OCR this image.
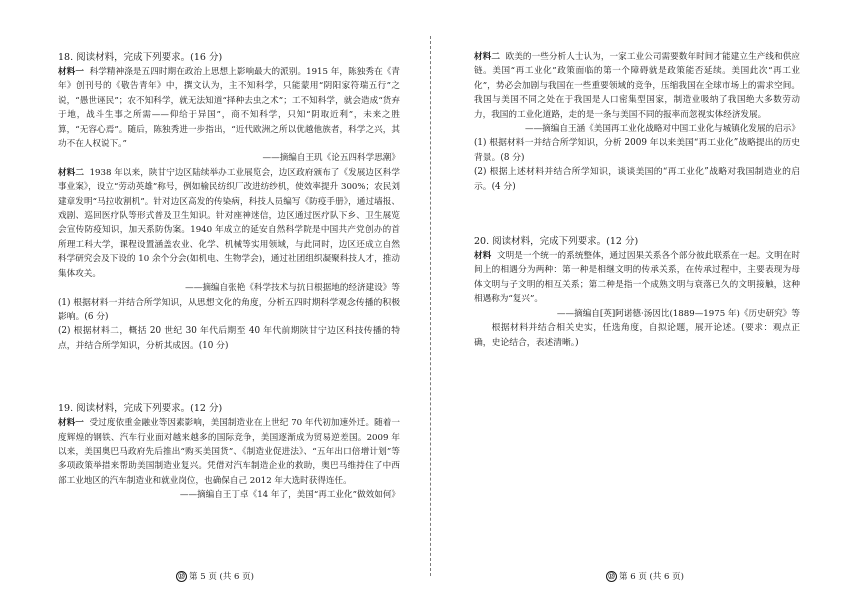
18. 阅读材料，完成下列要求。(16 分)

材料一 科学精神涤是五四时期在政治上思想上影响最大的派别。1915 年，陈独秀在《青年》创刊号的《敬告青年》中，撰文认为，主不知科学，只能蒙用“阴阳家符瑞五行”之说，“愚世诬民”；农不知科学，就无法知道“择种去虫之术”；工不知科学，就会造成“货弃于地，战斗生事之所需——仰给于异国”，商不知科学，只知“阴取近利”，未来之胜算，“无容心焉”。随后，陈独秀进一步指出，“近代欧洲之所以优越他族者，科学之兴，其功不在人权说下。”

——摘编自王玑《论五四科学思潮》

材料二 1938 年以来，陕甘宁边区陆续举办工业展览会，边区政府颁布了《发展边区科学事业案》，设立“劳动英雄”称号，例如榆民纺织厂改进纺纱机，使效率提升 300%；农民刘建章发明“马拉收割机”。针对边区高发的传染病，科技人员编写《防疫手册》，通过墙报、戏剧、巡回医疗队等形式普及卫生知识。针对座神迷信，边区通过医疗队下乡、卫生展览会宣传防疫知识，加天系防伪案。1940 年成立的延安自然科学院是中国共产党创办的首所理工科大学，课程设置涵盖农业、化学、机械等实用领域，与此同时，边区还成立自然科学研究会及下设的 10 余个分会(如机电、生物学会)，通过社团组织凝聚科技人才，推动集体攻关。

——摘编自张艳《科学技术与抗日根据地的经济建设》等

(1) 根据材料一并结合所学知识，从思想文化的角度，分析五四时期科学观念传播的积极影响。(6 分)

(2) 根据材料二，概括 20 世纪 30 年代后期至 40 年代前期陕甘宁边区科技传播的特点，并结合所学知识，分析其成因。(10 分)

19. 阅读材料，完成下列要求。(12 分)

材料一 受过度依重金融业等因素影响，美国制造业在上世纪 70 年代初加速外迁。随着一度辉煌的钢铁、汽车行业面对越来越多的国际竞争，美国逐渐成为贸易逆差国。2009 年以来，美国奥巴马政府先后推出“购买美国货”、《制造业促进法》、“五年出口倍增计划”等多项政策举措来帮助美国制造业复兴。凭借对汽车制造企业的救助，奥巴马维持住了中西部工业地区的汽车制造业和就业岗位，也确保自己 2012 年大选时获得连任。

——摘编自王丁卓《14 年了，美国“再工业化”做效如何》

⑬ 第 5 页 (共 6 页)

材料二 欧美的一些分析人士认为，一家工业公司需要数年时间才能建立生产线和供应链。美国“再工业化”政策面临的第一个障碍就是政策能否延续。美国此次“再工业化”，势必会加剧与我国在一些重要领域的竞争，压缩我国在全球市场上的需求空间。我国与美国不同之处在于我国是人口密集型国家，制造业吸纳了我国绝大多数劳动力，我国的工业化道路，走的是一条与美国不同的报率而忽视实体经济发展。

——摘编自王涵《美国再工业化战略对中国工业化与城镇化发展的启示》

(1) 根据材料一并结合所学知识，分析 2009 年以来美国“再工业化”战略提出的历史背景。(8 分)

(2) 根据上述材料并结合所学知识，谈谈美国的“再工业化”战略对我国制造业的启示。(4 分)

20. 阅读材料，完成下列要求。(12 分)

材料 文明是一个统一的系统整体，通过因果关系各个部分彼此联系在一起。文明在时间上的相遇分为两种：第一种是相继文明的传承关系，在传承过程中，主要表现为母体文明与子文明的相互关系；第二种是指一个成熟文明与衰落已久的文明接触，这种相遇称为“复兴”。

——摘编自[英]阿诺德·汤因比(1889—1975 年)《历史研究》等

根据材料并结合相关史实，任选角度，自拟论题，展开论述。(要求：观点正确，史论结合，表述清晰。)

⑬ 第 6 页 (共 6 页)
